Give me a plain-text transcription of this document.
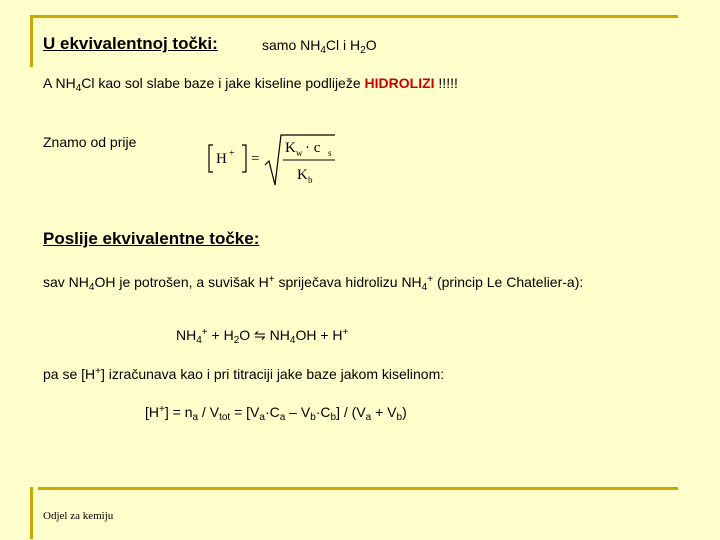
U ekvivalentnoj točki:	samo $NH_4Cl$ i $H_2O$
A $NH_4Cl$ kao sol slabe baze i jake kiseline podliježe HIDROLIZI !!!!!
Znamo od prije
H + =
K w · c s
K b
Poslije ekvivalentne točke:
sav $NH_4OH$ je potrošen, a suvišak H+ spriječava hidrolizu $NH_4^+$ (princip Le Chatelier-a):
$NH_4^+ + H_2O$ ⇋ $NH_4OH + H^+$
pa se [H+] izračunava kao i pri titraciji jake baze jakom kiselinom:
$[H^+] = n_a / V_{tot} = [V_a\cdot C_a - V_b\cdot C_b] / (V_a + V_b)$
Odjel za kemiju
